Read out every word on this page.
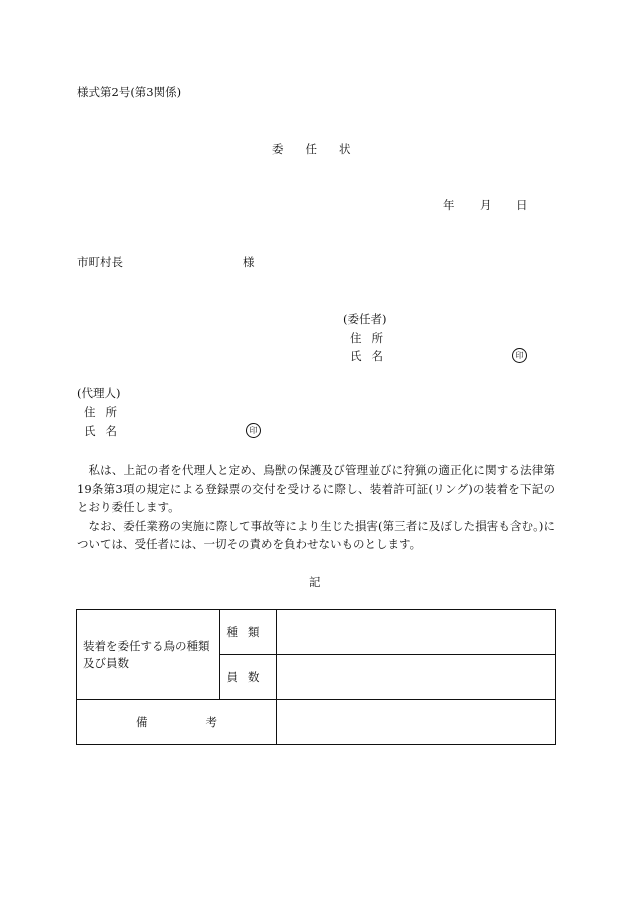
様式第2号(第3関係)
委任状
年 月 日
市町村長	様
(委任者)
住所
氏名	印
(代理人)
住所
氏名	印

私は、上記の者を代理人と定め、鳥獣の保護及び管理並びに狩猟の適正化に関する法律第19条第3項の規定による登録票の交付を受けるに際し、装着許可証(リング)の装着を下記のとおり委任します。

なお、委任業務の実施に際して事故等により生じた損害(第三者に及ぼした損害も含む。)については、受任者には、一切その責めを負わせないものとします。

記
装着を委任する鳥の種類及び員数	種類	
	員数	
備 考		
